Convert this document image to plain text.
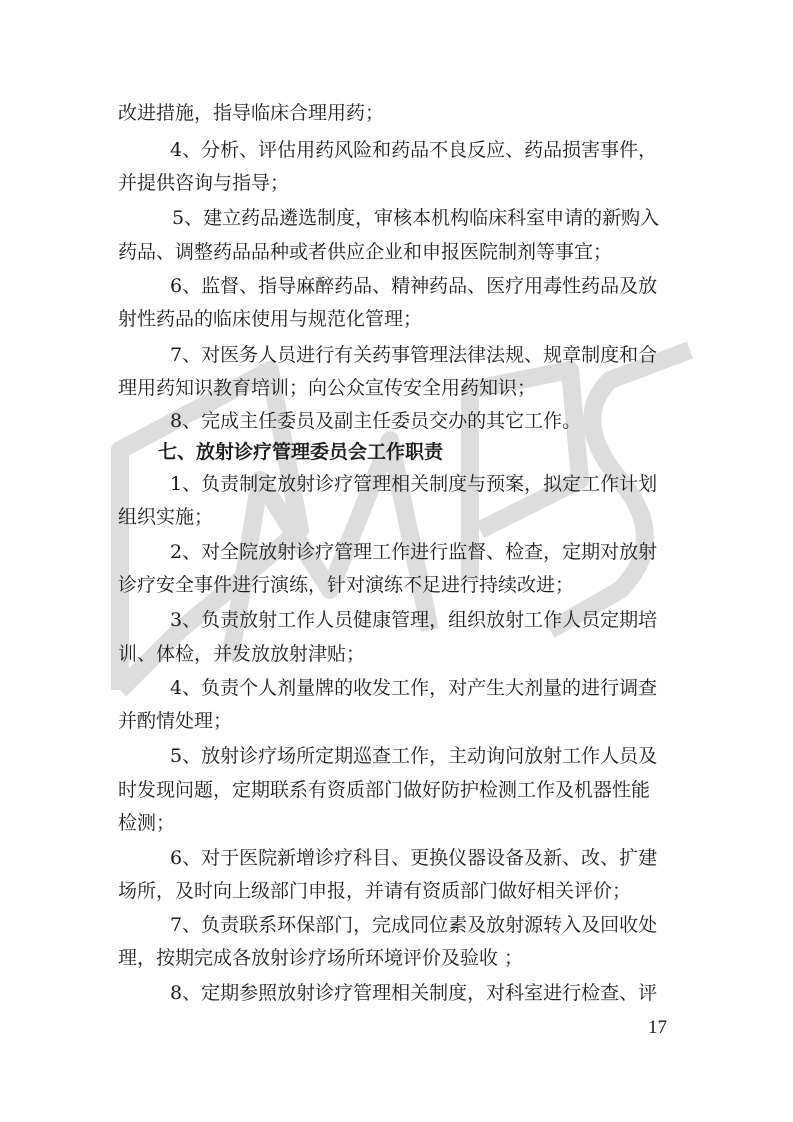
WPS
改进措施，指导临床合理用药；
4、分析、评估用药风险和药品不良反应、药品损害事件，
并提供咨询与指导；
5、建立药品遴选制度，审核本机构临床科室申请的新购入
药品、调整药品品种或者供应企业和申报医院制剂等事宜；
6、监督、指导麻醉药品、精神药品、医疗用毒性药品及放
射性药品的临床使用与规范化管理；
7、对医务人员进行有关药事管理法律法规、规章制度和合
理用药知识教育培训；向公众宣传安全用药知识；
8、完成主任委员及副主任委员交办的其它工作。
七、放射诊疗管理委员会工作职责
1、负责制定放射诊疗管理相关制度与预案，拟定工作计划
组织实施；
2、对全院放射诊疗管理工作进行监督、检查，定期对放射
诊疗安全事件进行演练，针对演练不足进行持续改进；
3、负责放射工作人员健康管理，组织放射工作人员定期培
训、体检，并发放放射津贴；
4、负责个人剂量牌的收发工作，对产生大剂量的进行调查
并酌情处理；
5、放射诊疗场所定期巡查工作，主动询问放射工作人员及
时发现问题，定期联系有资质部门做好防护检测工作及机器性能
检测；
6、对于医院新增诊疗科目、更换仪器设备及新、改、扩建
场所，及时向上级部门申报，并请有资质部门做好相关评价；
7、负责联系环保部门，完成同位素及放射源转入及回收处
理，按期完成各放射诊疗场所环境评价及验收 ；
8、定期参照放射诊疗管理相关制度，对科室进行检查、评
17
